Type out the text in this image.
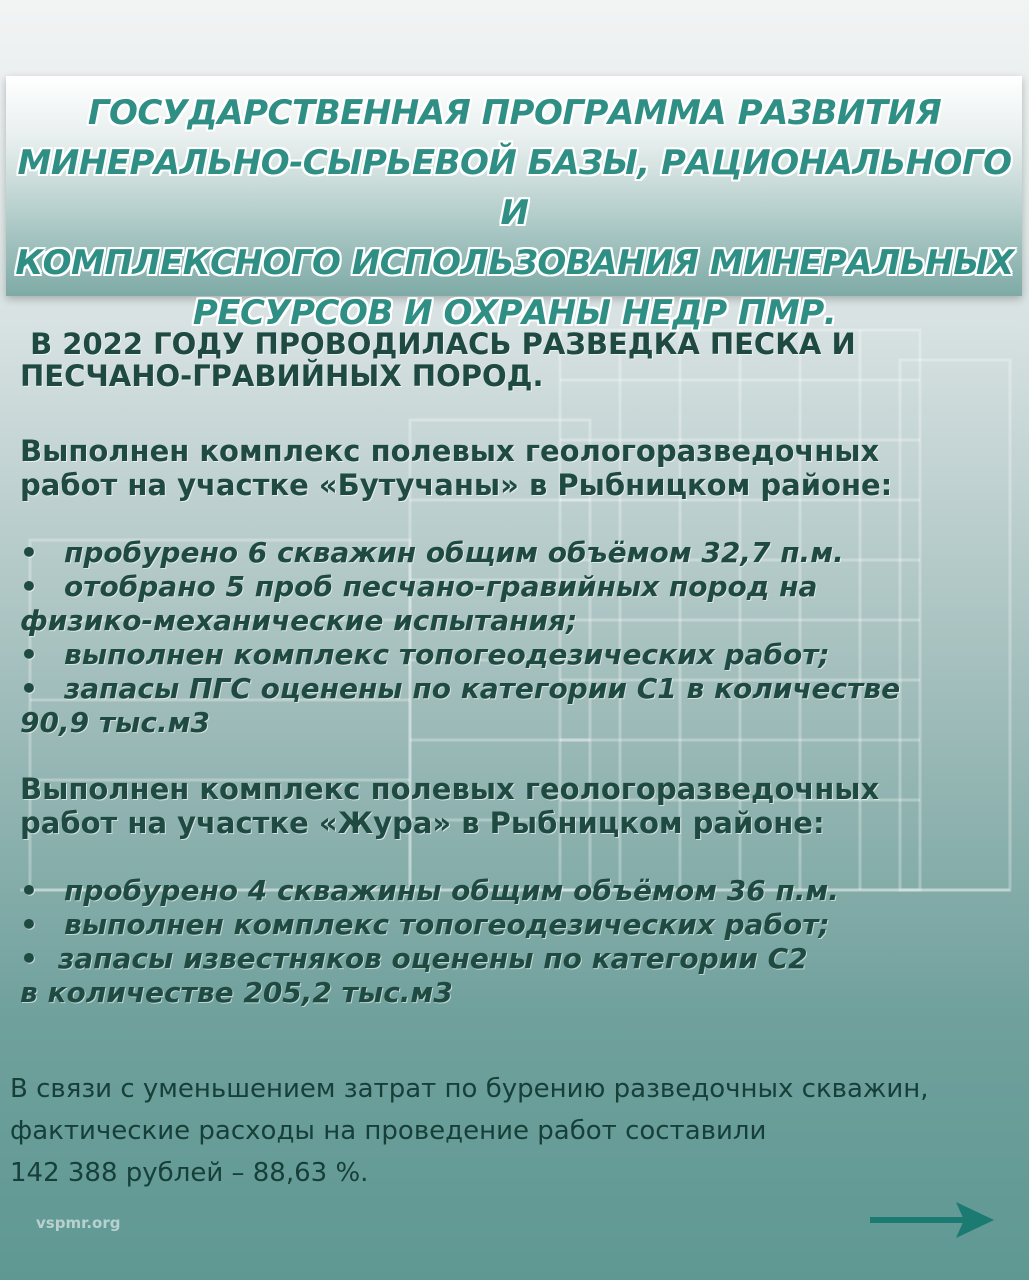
ГОСУДАРСТВЕННАЯ ПРОГРАММА РАЗВИТИЯ
МИНЕРАЛЬНО-СЫРЬЕВОЙ БАЗЫ, РАЦИОНАЛЬНОГО И
КОМПЛЕКСНОГО ИСПОЛЬЗОВАНИЯ МИНЕРАЛЬНЫХ
РЕСУРСОВ И ОХРАНЫ НЕДР ПМР.

В 2022 ГОДУ ПРОВОДИЛАСЬ РАЗВЕДКА ПЕСКА И
ПЕСЧАНО-ГРАВИЙНЫХ ПОРОД.

Выполнен комплекс полевых геологоразведочных
работ на участке «Бутучаны» в Рыбницком районе:

• пробурено 6 скважин общим объёмом 32,7 п.м.
• отобрано 5 проб песчано-гравийных пород на
физико-механические испытания;
• выполнен комплекс топогеодезических работ;
• запасы ПГС оценены по категории С1 в количестве
90,9 тыс.м3

Выполнен комплекс полевых геологоразведочных
работ на участке «Жура» в Рыбницком районе:

• пробурено 4 скважины общим объёмом 36 п.м.
• выполнен комплекс топогеодезических работ;
• запасы известняков оценены по категории С2
в количестве 205,2 тыс.м3

В связи с уменьшением затрат по бурению разведочных скважин,
фактические расходы на проведение работ составили
142 388 рублей – 88,63 %.

vspmr.org
